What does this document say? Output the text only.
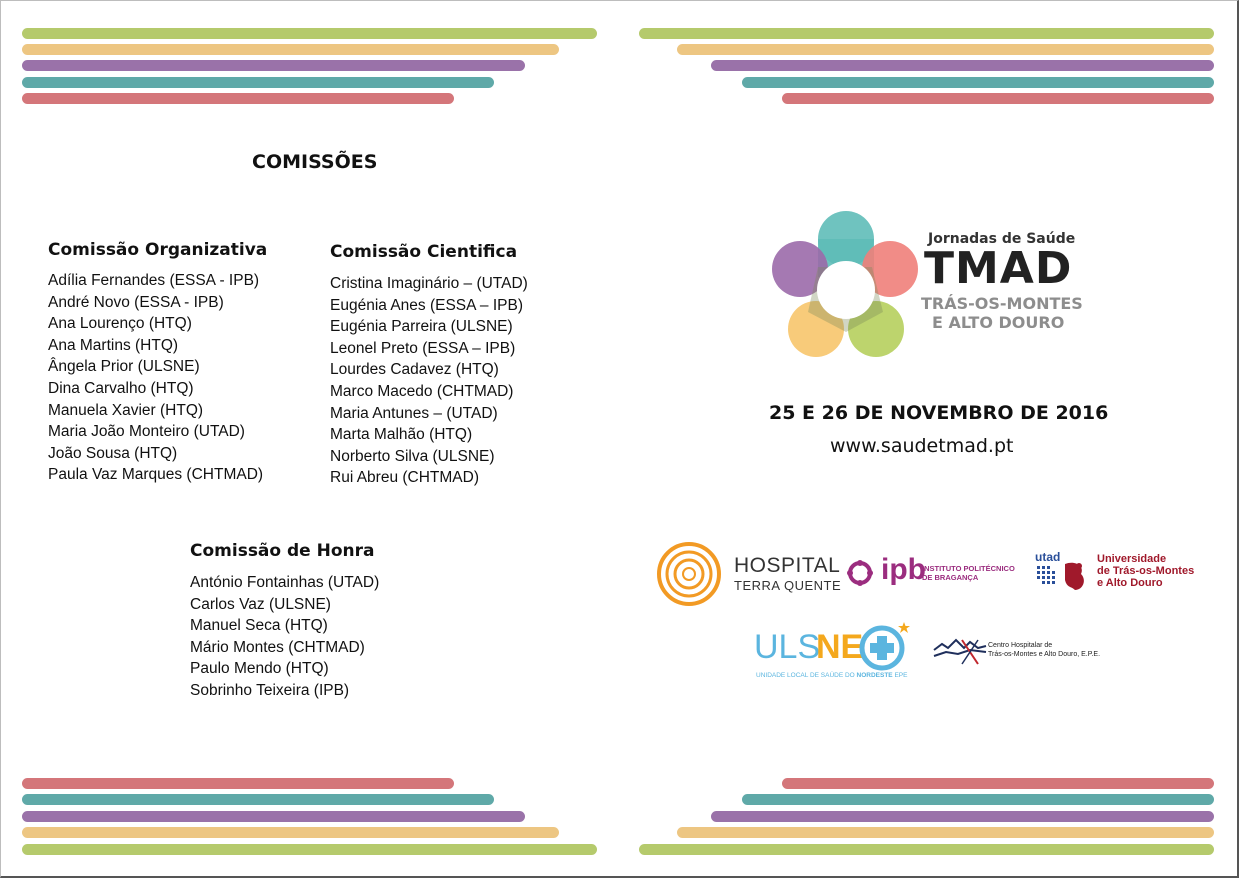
COMISSÕES
Comissão Organizativa
Adília Fernandes (ESSA - IPB)
André Novo (ESSA - IPB)
Ana Lourenço (HTQ)
Ana Martins (HTQ)
Ângela Prior (ULSNE)
Dina Carvalho (HTQ)
Manuela Xavier (HTQ)
Maria João Monteiro (UTAD)
João Sousa (HTQ)
Paula Vaz Marques (CHTMAD)
Comissão Cientifica
Cristina Imaginário – (UTAD)
Eugénia Anes (ESSA – IPB)
Eugénia Parreira (ULSNE)
Leonel Preto (ESSA – IPB)
Lourdes Cadavez (HTQ)
Marco Macedo (CHTMAD)
Maria Antunes – (UTAD)
Marta Malhão (HTQ)
Norberto Silva (ULSNE)
Rui Abreu (CHTMAD)
Comissão de Honra
António Fontainhas (UTAD)
Carlos Vaz (ULSNE)
Manuel Seca (HTQ)
Mário Montes (CHTMAD)
Paulo Mendo (HTQ)
Sobrinho Teixeira (IPB)
Jornadas de Saúde
TMAD
TRÁS-OS-MONTES
E ALTO DOURO
25 E 26 DE NOVEMBRO DE 2016
www.saudetmad.pt
HOSPITAL
TERRA QUENTE ipb
INSTITUTO POLITÉCNICO
DE BRAGANÇA
utad	Universidade
de Trás-os-Montes
e Alto Douro
ULS
NE
UNIDADE LOCAL DE SAÚDE DO NORDESTE EPE
Centro Hospitalar de
Trás-os-Montes e Alto Douro, E.P.E.
